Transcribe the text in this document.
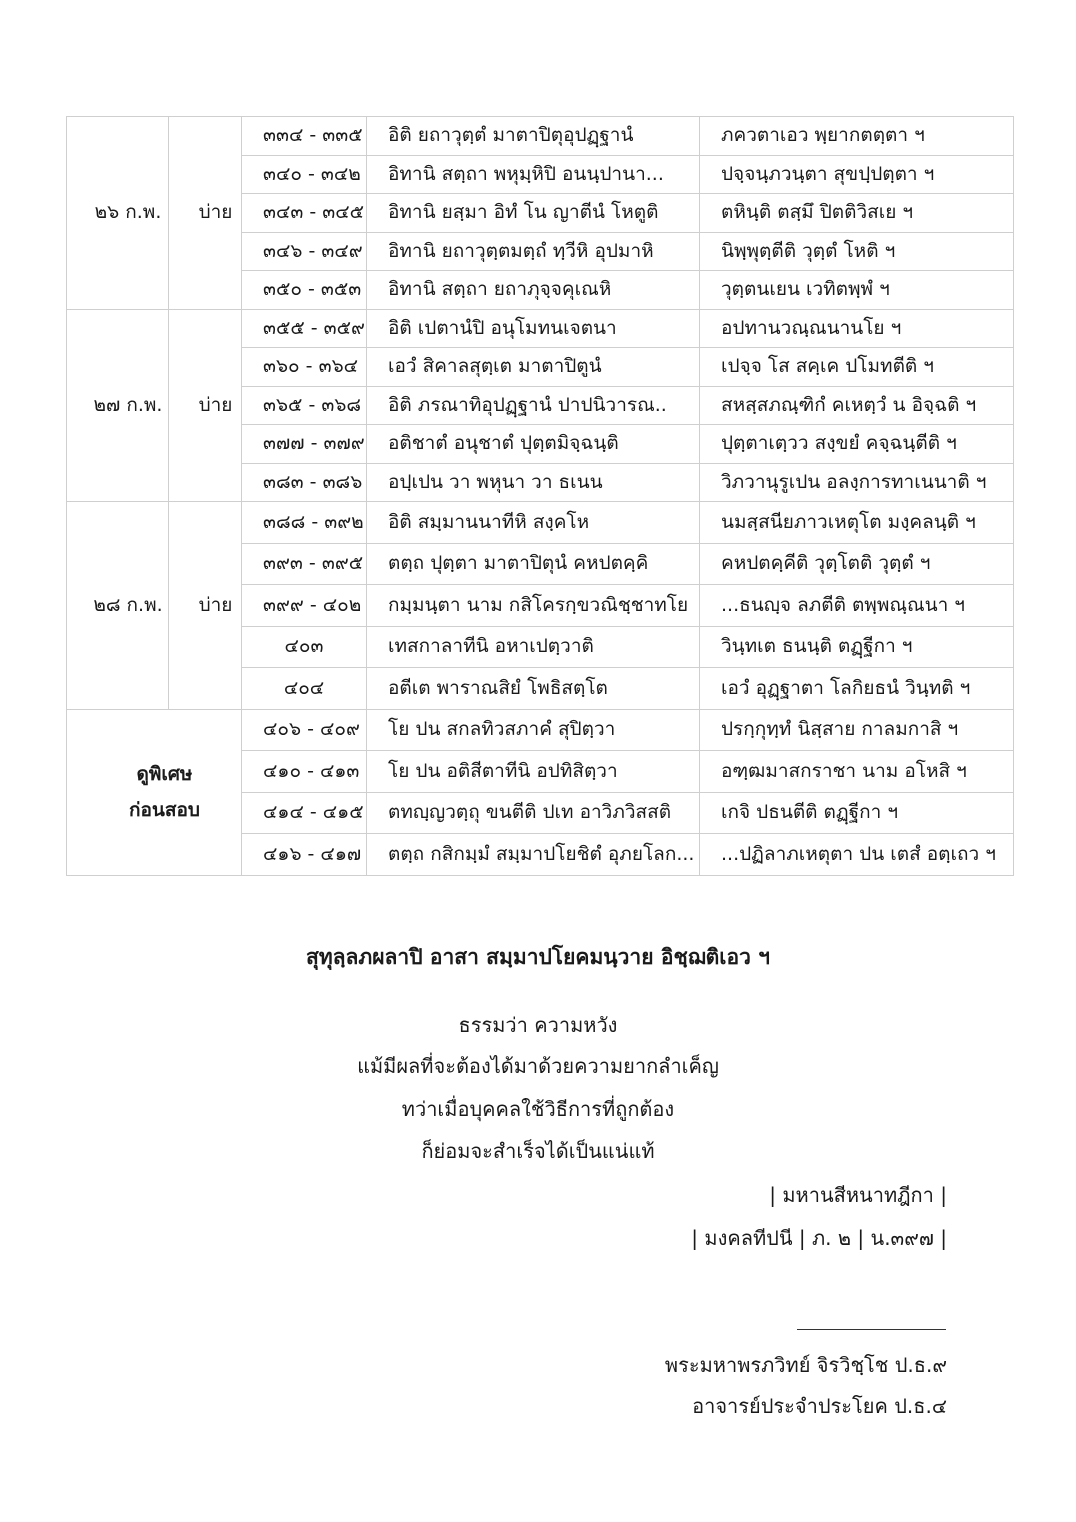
๒๖ ก.พ.	บ่าย	๓๓๔ - ๓๓๕	อิติ ยถาวุตฺตํ มาตาปิตุอุปฏฺฐานํ	ภควตาเอว พฺยากตตฺตา ฯ
		๓๔๐ - ๓๔๒	อิทานิ สตฺถา พหุมฺหิปิ อนนฺปานา...	ปจฺจนฺภวนฺตา สุขปฺปตฺตา ฯ
		๓๔๓ - ๓๔๕	อิทานิ ยสฺมา อิทํ โน ญาตีนํ โหตูติ	ตหินฺติ ตสฺมึ ปิตติวิสเย ฯ
		๓๔๖ - ๓๔๙	อิทานิ ยถาวุตฺตมตฺถํ ทฺวีหิ อุปมาหิ	นิพฺพุตฺตีติ วุตฺตํ โหติ ฯ
		๓๕๐ - ๓๕๓	อิทานิ สตฺถา ยถาภุจฺจคุเณหิ	วุตฺตนเยน เวทิตพฺพํ ฯ
๒๗ ก.พ.	บ่าย	๓๕๕ - ๓๕๙	อิติ เปตานํปิ อนุโมทนเจตนา	อปทานวณฺณนานโย ฯ
		๓๖๐ - ๓๖๔	เอวํ สิคาลสุตฺเต มาตาปิตูนํ	เปจฺจ โส สคฺเค ปโมทตีติ ฯ
		๓๖๕ - ๓๖๘	อิติ ภรณาทิอุปฏฺฐานํ ปาปนิวารณ..	สหสฺสภณฺฑิกํ คเหตฺวํ น อิจฺฉติ ฯ
		๓๗๗ - ๓๗๙	อติชาตํ อนุชาตํ ปุตฺตมิจฺฉนฺติ	ปุตฺตาเตฺวว สงฺขยํ คจฺฉนฺตีติ ฯ
		๓๘๓ - ๓๘๖	อปฺเปน วา พหุนา วา ธเนน	วิภวานุรูเปน อลงฺการทาเนนาติ ฯ
๒๘ ก.พ.	บ่าย	๓๘๘ - ๓๙๒	อิติ สมฺมานนาทีหิ สงฺคโห	นมสฺสนียภาวเหตุโต มงฺคลนฺติ ฯ
		๓๙๓ - ๓๙๕	ตตฺถ ปุตฺตา มาตาปิตุนํ คหปตคฺคิ	คหปตคฺคีติ วุตฺโตติ วุตฺตํ ฯ
		๓๙๙ - ๔๐๒	กมฺมนฺตา นาม กสิโครกฺขวณิชฺชาทโย	...ธนญฺจ ลภตีติ ตพฺพณฺณนา ฯ
		๔๐๓	เทสกาลาทีนิ อหาเปตฺวาติ	วินฺทเต ธนนฺติ ตฏฺฐีกา ฯ
		๔๐๔	อตีเต พาราณสิยํ โพธิสตฺโต	เอวํ อุฏฺฐาตา โลกิยธนํ วินฺทติ ฯ
ดูพิเศษ
ก่อนสอบ		๔๐๖ - ๔๐๙	โย ปน สกลทิวสภาคํ สุปิตฺวา	ปรกฺกุทฺทํ นิสฺสาย กาลมกาสิ ฯ
		๔๑๐ - ๔๑๓	โย ปน อติสีตาทีนิ อปทิสิตฺวา	อฑฺฒมาสกราชา นาม อโหสิ ฯ
		๔๑๔ - ๔๑๕	ตทญฺญวตฺถุ ขนตีติ ปเท อาวิภวิสสติ	เกจิ ปธนตีติ ตฏฺฐีกา ฯ
		๔๑๖ - ๔๑๗	ตตฺถ กสิกมฺมํ สมฺมาปโยชิตํ อุภยโลก...	...ปฏิลาภเหตุตา ปน เตสํ อตฺเถว ฯ

สุทุลฺลภผลาปิ อาสา สมฺมาปโยคมนฺวาย อิชฺฌติเอว ฯ

ธรรมว่า ความหวัง

แม้มีผลที่จะต้องได้มาด้วยความยากลำเค็ญ

ทว่าเมื่อบุคคลใช้วิธีการที่ถูกต้อง

ก็ย่อมจะสำเร็จได้เป็นแน่แท้

| มหานสีหนาทฎีกา |

| มงคลทีปนี | ภ. ๒ | น.๓๙๗ |

พระมหาพรภวิทย์ จิรวิชฺโช ป.ธ.๙

อาจารย์ประจำประโยค ป.ธ.๔
